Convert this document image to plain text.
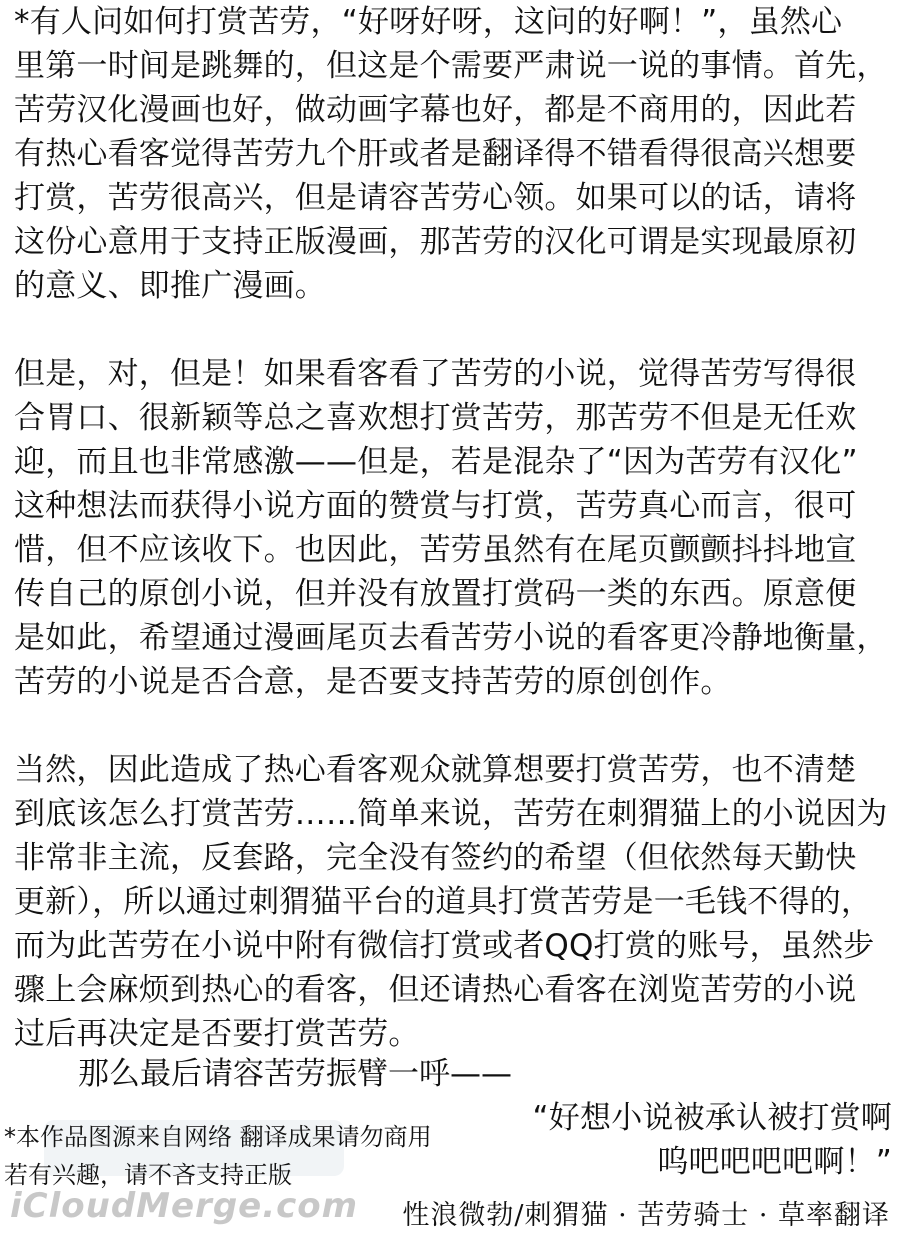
*有人问如何打赏苦劳，“好呀好呀，这问的好啊！”，虽然心
里第一时间是跳舞的，但这是个需要严肃说一说的事情。首先，
苦劳汉化漫画也好，做动画字幕也好，都是不商用的，因此若
有热心看客觉得苦劳九个肝或者是翻译得不错看得很高兴想要
打赏，苦劳很高兴，但是请容苦劳心领。如果可以的话，请将
这份心意用于支持正版漫画，那苦劳的汉化可谓是实现最原初
的意义、即推广漫画。
但是，对，但是！如果看客看了苦劳的小说，觉得苦劳写得很
合胃口、很新颖等总之喜欢想打赏苦劳，那苦劳不但是无任欢
迎，而且也非常感激——但是，若是混杂了“因为苦劳有汉化”
这种想法而获得小说方面的赞赏与打赏，苦劳真心而言，很可
惜，但不应该收下。也因此，苦劳虽然有在尾页颤颤抖抖地宣
传自己的原创小说，但并没有放置打赏码一类的东西。原意便
是如此，希望通过漫画尾页去看苦劳小说的看客更冷静地衡量，
苦劳的小说是否合意，是否要支持苦劳的原创创作。
当然，因此造成了热心看客观众就算想要打赏苦劳，也不清楚
到底该怎么打赏苦劳……简单来说，苦劳在刺猬猫上的小说因为
非常非主流，反套路，完全没有签约的希望（但依然每天勤快
更新），所以通过刺猬猫平台的道具打赏苦劳是一毛钱不得的，
而为此苦劳在小说中附有微信打赏或者QQ打赏的账号，虽然步
骤上会麻烦到热心的看客，但还请热心看客在浏览苦劳的小说
过后再决定是否要打赏苦劳。
那么最后请容苦劳振臂一呼——
“好想小说被承认被打赏啊
呜吧吧吧吧啊！”
*本作品图源来自网络 翻译成果请勿商用
若有兴趣，请不吝支持正版
iCloudMerge.com 性浪微勃/刺猬猫 · 苦劳骑士 · 草率翻译
